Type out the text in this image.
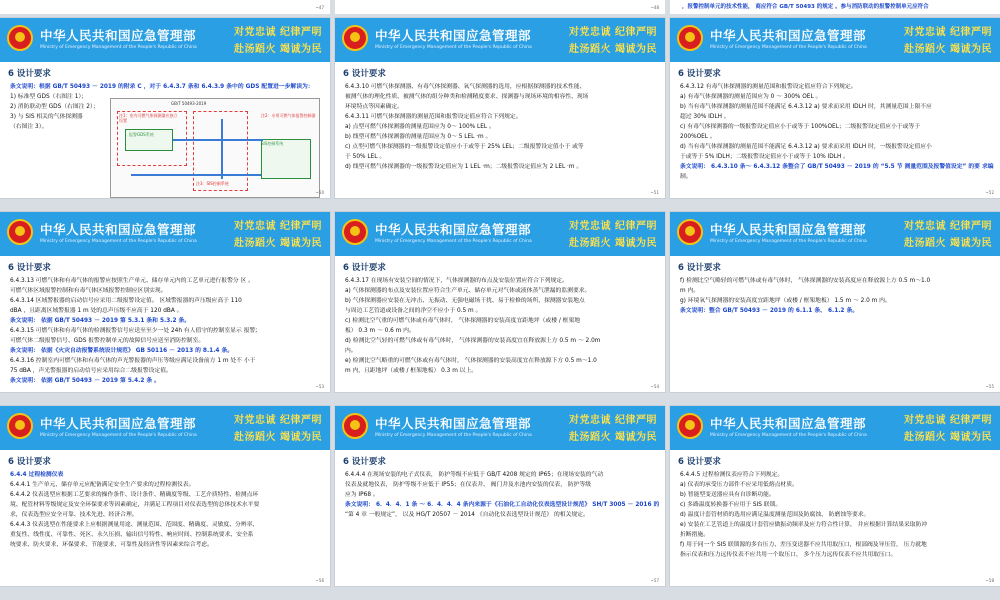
~47	~48	，报警控制单元的技术性能， 商应符合 GB/T 50493 的规定 。参与消防联动的报警控制单元应符合
中华人民共和国应急管理部
Ministry of Emergency Management of the People's Republic of China
对党忠诚 纪律严明
赴汤蹈火 竭诚为民
6 设计要求
条文说明：根据 GB/T 50493 － 2019 的附录 C ，对于 6.4.3.7 条和 6.4.3.9 条中的 GDS 配置进一步解读为：
1) 标准型 GDS（右图注 1）；
2) 消防联动型 GDS（右图注 2）；
3) 与 SIS 相关的气体探测器
（右图注 3）。
GB/T 50493-2019
注1：室内可燃气体探测器应独立设置
注2：专用可燃气体报警控制器
SIS控制系统
报警GDS系统
注3：SIS控制系统
~50
中华人民共和国应急管理部
Ministry of Emergency Management of the People's Republic of China
对党忠诚 纪律严明
赴汤蹈火 竭诚为民
6 设计要求
6.4.3.10 可燃气体探测器、有毒气体探测器、氧气探测器的选用，应根据探测器的技术性能、
被测气体的理化性质、被测气体的组分种类和检测精度要求、探测器与现场环境的相容性、现场
环境特点等因素确定。
6.4.3.11 可燃气体探测器的测量范围和报警设定值应符合下列规定。
a) 点型可燃气体探测器的测量范围应为 0～ 100% LEL 。
b) 线型可燃气体探测器的测量范围应为 0～ 5 LEL ·m 。
c) 点型可燃气体探测器的一级报警设定值应小于或等于 25% LEL；二级报警设定值小于 或等
于 50% LEL 。
d) 线型可燃气体探测器的一级报警设定值应为 1 LEL ·m；二级报警设定值应为 2 LEL ·m 。
~51
中华人民共和国应急管理部
Ministry of Emergency Management of the People's Republic of China
对党忠诚 纪律严明
赴汤蹈火 竭诚为民
6 设计要求
6.4.3.12 有毒气体探测器的测量范围和报警设定值应符合下列规定。
a) 有毒气体探测器的测量范围应为 0 ～ 300% OEL 。
b) 当有毒气体探测器的测量范围不能满足 6.4.3.12 a) 要求而采用 IDLH 时，其测量范围上限不应
超过 30% IDLH 。
c) 有毒气体探测器的一级报警设定值应小于或等于 100%OEL；二级报警设定值应小于或等于
200%OEL 。
d) 当有毒气体探测器的测量范围不能满足 6.4.3.12 a) 要求而采用 IDLH 时，一级报警设定值应小
于或等于 5% IDLH；二级报警设定值应小于或等于 10% IDLH 。
条文说明： 6.4.3.10 条～ 6.4.3.12 条整合了 GB/T 50493 － 2019 的 “5.5 节 测量范围及报警值设定” 的要 求编
制。
~52
中华人民共和国应急管理部
Ministry of Emergency Management of the People's Republic of China
对党忠诚 纪律严明
赴汤蹈火 竭诚为民
6 设计要求
6.4.3.13 可燃气体和有毒气体的报警应按照生产单元、储存单元内的工艺单元进行报警分 区 。
可燃气体区域报警控制和有毒气体区域报警控制应区别实现。
6.4.3.14 区域警报器的启动信号应采用二级报警设定值。 区域警报器的声压级应高于 110
dBA ，且距离区域警报器 1 m 处的总声压级不应高于 120 dBA 。
条文说明： 依据 GB/T 50493 － 2019 第 5.3.1 条和 5.3.2 条。
6.4.3.15 可燃气体和有毒气体的检测报警信号应送至至少一处 24h 有人值守的控制室显示 报警;
可燃气体二级报警信号、GDS 报警控制单元的故障信号应送至消防控制室。
条文说明： 依据《火灾自动报警系统设计规范》 GB 50116 － 2013 的 8.1.4 条。
6.4.3.16 控制室内可燃气体和有毒气体的声光警报器的声压等级应满足设备前方 1 m 处不 小于
75 dBA ，声光警报器的启动信号应采用综合二级报警设定值。
条文说明： 依据 GB/T 50493 － 2019 第 5.4.2 条 。
~53
中华人民共和国应急管理部
Ministry of Emergency Management of the People's Republic of China
对党忠诚 纪律严明
赴汤蹈火 竭诚为民
6 设计要求
6.4.3.17 在现场有安装空间的情况下，气体探测器的布点及安装位置应符合下列规定。
a) 气体探测器的布点及安装位置应符合生产单元、储存单元对气体或液体蒸气泄漏的监测要求。
b) 气体探测器应安装在无冲击、无振动、无强电磁场干扰、易于检修的场所，探测器安装地点
与周边工艺管道或设备之间的净空不应小于 0.5 m 。
c) 检测比空气重的可燃气体或有毒气体时， 气体探测器的安装高度宜距地坪（或楼 / 框架地
板） 0.3 m ～ 0.6 m 内。
d) 检测比空气轻的可燃气体或有毒气体时， 气体探测器的安装高度宜在释放源上方 0.5 m ～ 2.0m
内。
e) 检测比空气略重的可燃气体或有毒气体时， 气体探测器的安装高度宜在释放源下方 0.5 m～1.0
m 内，且距地坪（或楼 / 框架地板） 0.3 m 以上。
~54
中华人民共和国应急管理部
Ministry of Emergency Management of the People's Republic of China
对党忠诚 纪律严明
赴汤蹈火 竭诚为民
6 设计要求
f) 检测比空气略轻的可燃气体或有毒气体时， 气体探测器的安装高度应在释放源上方 0.5 m～1.0
m 内。
g) 环境氧气探测器的安装高度宜距地坪（或楼 / 框架地板） 1.5 m ～ 2.0 m 内。
条文说明：整合 GB/T 50493 － 2019 的 6.1.1 条、 6.1.2 条。
~55
中华人民共和国应急管理部
Ministry of Emergency Management of the People's Republic of China
对党忠诚 纪律严明
赴汤蹈火 竭诚为民
6 设计要求
6.4.4 过程检测仪表
6.4.4.1 生产单元、储存单元应配备满足安全生产要求的过程检测仪表。
6.4.4.2 仪表选型应根据工艺要求的操作条件、设计条件、精确度等级、工艺介质特性、检测点环
境、配管材料等级规定及安全环保要求等因素确定，并满足工程项目对仪表选型的总体技术水平要
求，仪表选型应安全可靠、技术先进、经济合理。
6.4.4.3 仪表选型在性能要求上应根据测量用途、测量范围、范围度、精确度、灵敏度、分辨率、
重复性、线性度、可靠性、死区、永久压损、输出信号特性、响应时间、控制系统要求、安全系
统要求、防火要求、环保要求、节能要求、可靠性及经济性等因素来综合考虑。
~56
中华人民共和国应急管理部
Ministry of Emergency Management of the People's Republic of China
对党忠诚 纪律严明
赴汤蹈火 竭诚为民
6 设计要求
6.4.4.4 在现场安装的电子式仪表， 防护等级不应低于 GB/T 4208 规定的 IP65；在现场安装的气动
仪表及就地仪表， 防护等级不应低于 IP55；在仪表井、 阀门井及水池内安装的仪表， 防护等级
应为 IP68 。
条文说明： 6．4．4．1 条 ～ 6．4．4．4 条内来源于《石油化工自动化仪表选型设计规范》 SH/T 3005 － 2016 的
“第 4 章 一般规定”， 以及 HG/T 20507 － 2014 《自动化仪表选型设计规范》 的相关规定。
~57
中华人民共和国应急管理部
Ministry of Emergency Management of the People's Republic of China
对党忠诚 纪律严明
赴汤蹈火 竭诚为民
6 设计要求
6.4.4.5 过程检测仪表应符合下列规定。
a) 仪表的承受压力部件不应采用低熔点材质。
b) 智能型变送器应具有自诊断功能。
c) 多路温度转换器不应用于 SIS 联锁。
d) 温度计套管材质的选用应满足温度测量范围及防腐蚀、 防磨蚀等要求。
e) 安装在工艺管道上的温度计套管应做振动频率及应力符合性计算， 并应根据计算结果采取防冲
折断措施。
f) 用于同一个 SIS 联锁源的多台压力、差压变送器不应共用取压口，根部阀及导压管， 压力就地
指示仪表和压力远传仪表不应共用一个取压口， 多个压力远传仪表不应共用取压口。
~58
